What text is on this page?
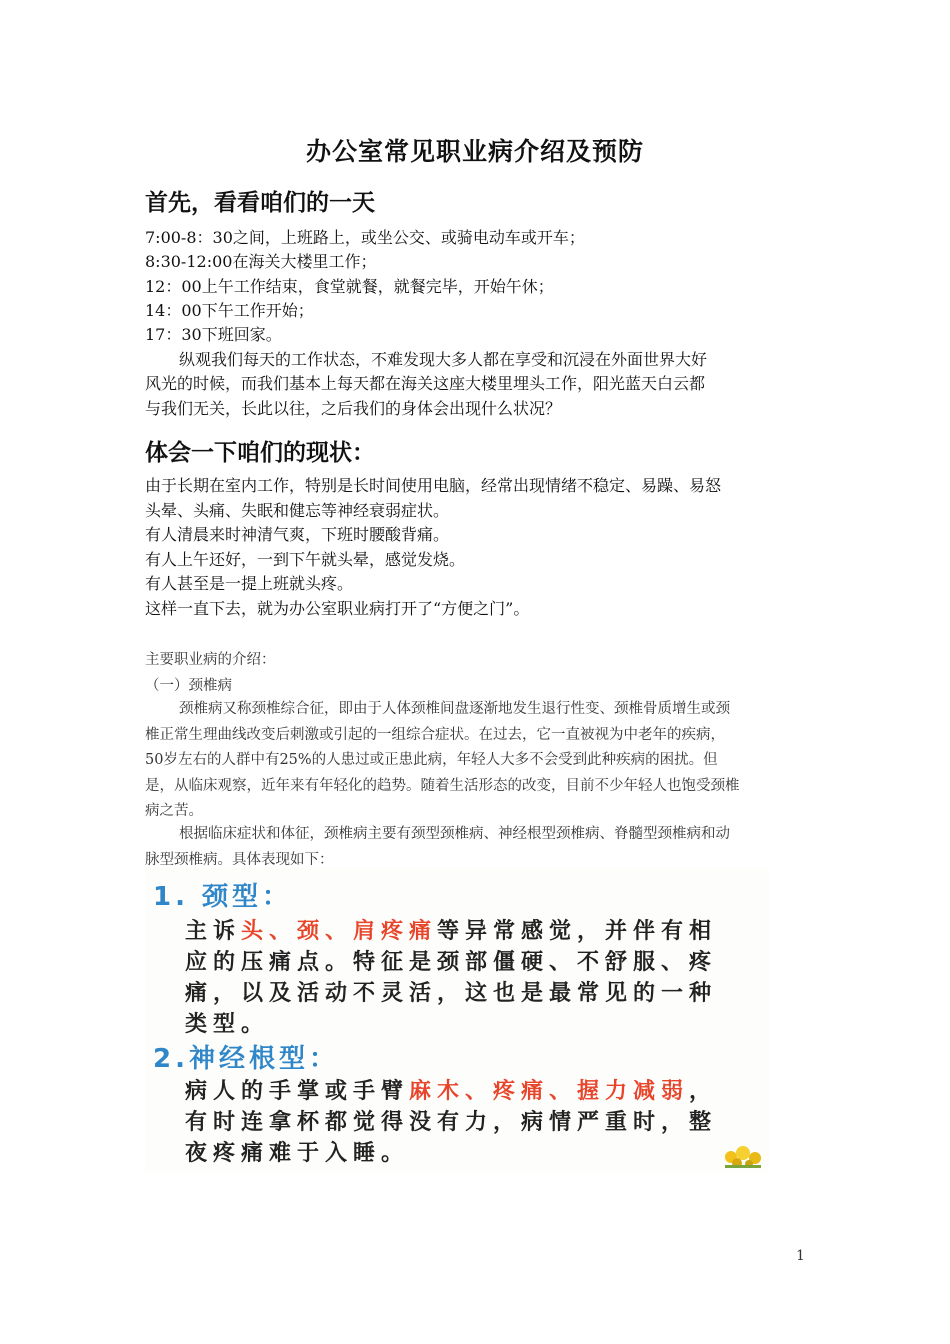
办公室常见职业病介绍及预防
首先，看看咱们的一天
7:00-8：30之间，上班路上，或坐公交、或骑电动车或开车；
8:30-12:00在海关大楼里工作；
12：00上午工作结束，食堂就餐，就餐完毕，开始午休；
14：00下午工作开始；
17：30下班回家。
纵观我们每天的工作状态，不难发现大多人都在享受和沉浸在外面世界大好
风光的时候，而我们基本上每天都在海关这座大楼里埋头工作，阳光蓝天白云都
与我们无关，长此以往，之后我们的身体会出现什么状况？
体会一下咱们的现状：
由于长期在室内工作，特别是长时间使用电脑，经常出现情绪不稳定、易躁、易怒
头晕、头痛、失眠和健忘等神经衰弱症状。
有人清晨来时神清气爽，下班时腰酸背痛。
有人上午还好，一到下午就头晕，感觉发烧。
有人甚至是一提上班就头疼。
这样一直下去，就为办公室职业病打开了“方便之门”。
主要职业病的介绍：
（一）颈椎病
颈椎病又称颈椎综合征，即由于人体颈椎间盘逐渐地发生退行性变、颈椎骨质增生或颈
椎正常生理曲线改变后刺激或引起的一组综合症状。在过去，它一直被视为中老年的疾病，
50岁左右的人群中有25%的人患过或正患此病，年轻人大多不会受到此种疾病的困扰。但
是，从临床观察，近年来有年轻化的趋势。随着生活形态的改变，目前不少年轻人也饱受颈椎
病之苦。
根据临床症状和体征，颈椎病主要有颈型颈椎病、神经根型颈椎病、脊髓型颈椎病和动
脉型颈椎病。具体表现如下：
1. 颈型：
主诉头、颈、肩疼痛等异常感觉，并伴有相
应的压痛点。特征是颈部僵硬、不舒服、疼
痛，以及活动不灵活，这也是最常见的一种
类型。
2.神经根型：
病人的手掌或手臂麻木、疼痛、握力减弱，
有时连拿杯都觉得没有力，病情严重时，整
夜疼痛难于入睡。
1
